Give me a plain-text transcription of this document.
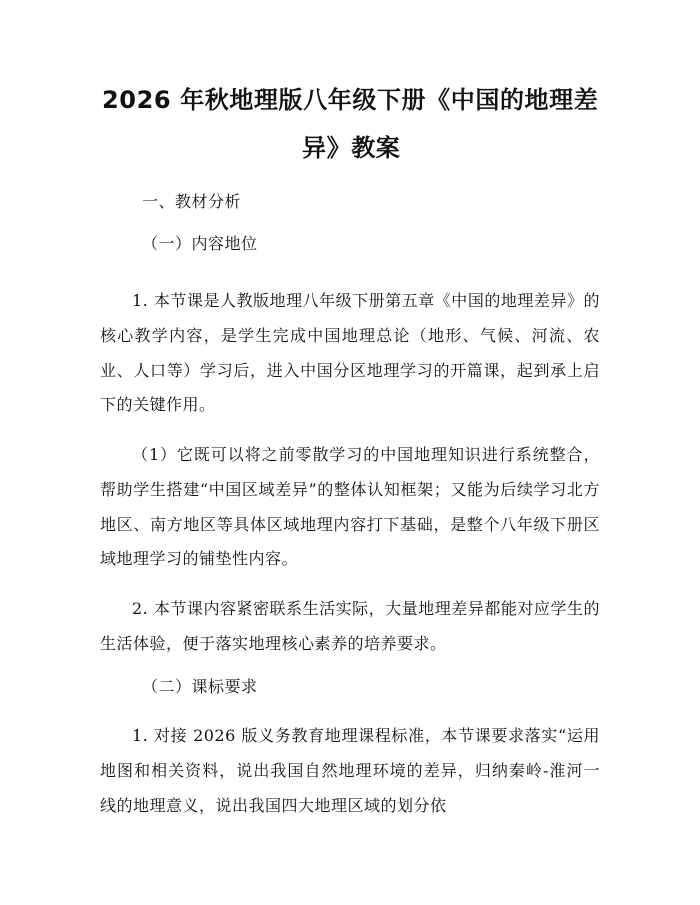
2026 年秋地理版八年级下册《中国的地理差
异》教案
一、教材分析
（一）内容地位

1. 本节课是人教版地理八年级下册第五章《中国的地理差异》的核心教学内容，是学生完成中国地理总论（地形、气候、河流、农业、人口等）学习后，进入中国分区地理学习的开篇课，起到承上启下的关键作用。

（1）它既可以将之前零散学习的中国地理知识进行系统整合，帮助学生搭建“中国区域差异”的整体认知框架；又能为后续学习北方地区、南方地区等具体区域地理内容打下基础，是整个八年级下册区域地理学习的铺垫性内容。

2. 本节课内容紧密联系生活实际，大量地理差异都能对应学生的生活体验，便于落实地理核心素养的培养要求。

（二）课标要求

1. 对接 2026 版义务教育地理课程标准，本节课要求落实“运用地图和相关资料，说出我国自然地理环境的差异，归纳秦岭-淮河一线的地理意义，说出我国四大地理区域的划分依
